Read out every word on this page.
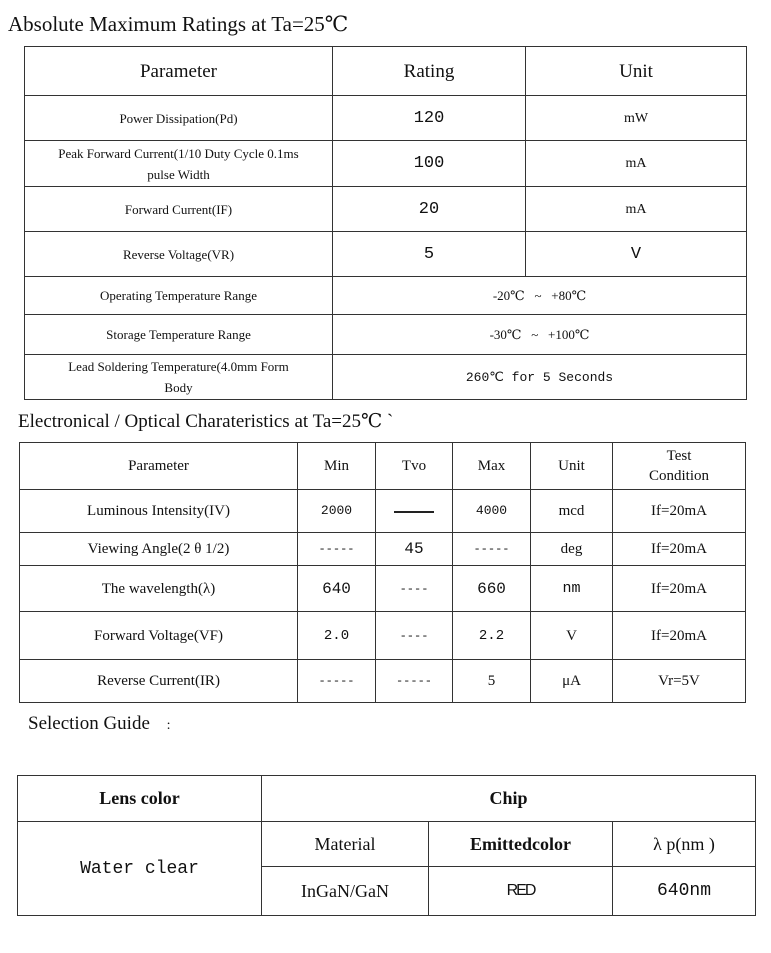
Absolute Maximum Ratings at Ta=25℃
Parameter	Rating	Unit
Power Dissipation(Pd)	120	mW

Peak Forward Current(1/10 Duty Cycle 0.1ms
pulse Width	100	mA
Forward Current(IF)	20	mA
Reverse Voltage(VR)	5	V
Operating Temperature Range	-20℃ ~ +80℃	
Storage Temperature Range	-30℃ ~ +100℃	

Lead Soldering Temperature(4.0mm Form
Body	260℃ for 5 Seconds	
Electronical / Optical Charateristics at Ta=25℃ `
Parameter	Min	Tvo	Max	Unit	Test
Condition

Luminous Intensity(IV)	2000		4000	mcd	If=20mA
Viewing Angle(2 θ 1/2)	-----	45	-----	deg	If=20mA
The wavelength(λ)	640	----	660	nm	If=20mA
Forward Voltage(VF)	2.0	----	2.2	V	If=20mA
Reverse Current(IR)	-----	-----	5	μA	Vr=5V
Selection Guide :
Lens color	Chip		
Water clear	Material	Emittedcolor	λ p(nm )
	InGaN/GaN	RED	640nm
